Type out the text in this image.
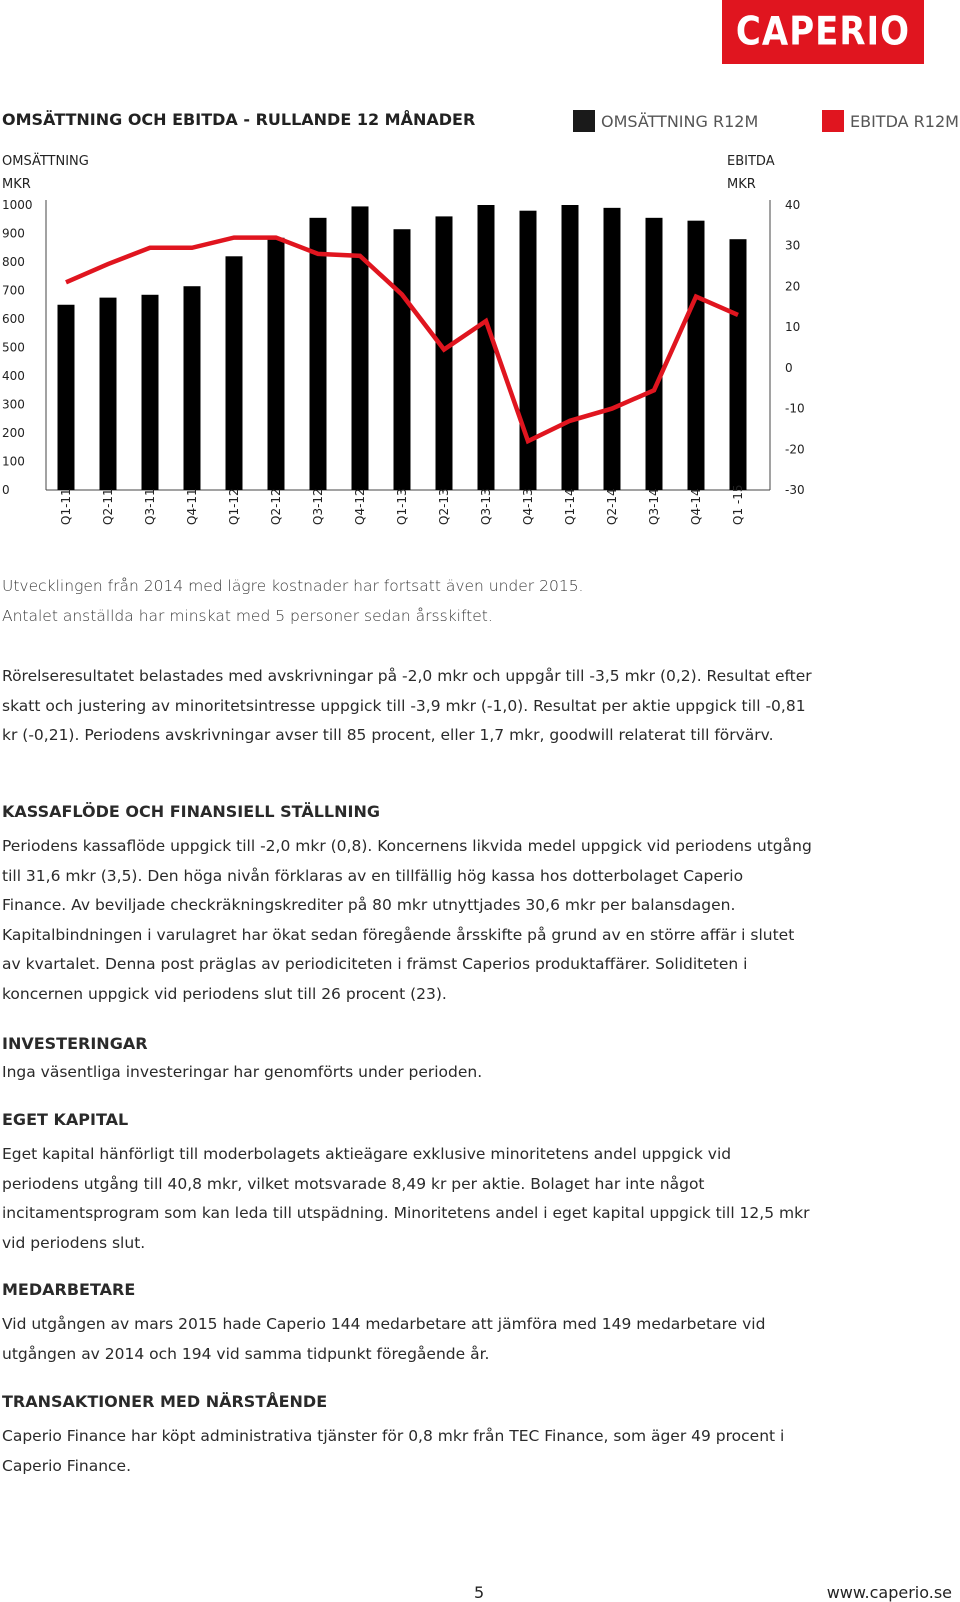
CAPERIO
OMSÄTTNING OCH EBITDA - RULLANDE 12 MÅNADER	OMSÄTTNING R12M	EBITDA R12M
OMSÄTTNING
MKR
EBITDA
MKR
0
100
200
300
400
500
600
700
800
900
1000
-30
-20
-10
0
10
20
30
40
Q1-11 Q2-11 Q3-11 Q4-11 Q1-12 Q2-12 Q3-12 Q4-12 Q1-13 Q2-13 Q3-13 Q4-13 Q1-14 Q2-14 Q3-14 Q4-14 Q1 -15
Utvecklingen från 2014 med lägre kostnader har fortsatt även under 2015.
Antalet anställda har minskat med 5 personer sedan årsskiftet.

Rörelseresultatet belastades med avskrivningar på -2,0 mkr och uppgår till -3,5 mkr (0,2). Resultat efter skatt och justering av minoritetsintresse uppgick till -3,9 mkr (-1,0). Resultat per aktie uppgick till -0,81 kr (-0,21). Periodens avskrivningar avser till 85 procent, eller 1,7 mkr, goodwill relaterat till förvärv.

KASSAFLÖDE OCH FINANSIELL STÄLLNING

Periodens kassaflöde uppgick till -2,0 mkr (0,8). Koncernens likvida medel uppgick vid periodens utgång till 31,6 mkr (3,5). Den höga nivån förklaras av en tillfällig hög kassa hos dotterbolaget Caperio Finance. Av beviljade checkräkningskrediter på 80 mkr utnyttjades 30,6 mkr per balansdagen. Kapitalbindningen i varulagret har ökat sedan föregående årsskifte på grund av en större affär i slutet av kvartalet. Denna post präglas av periodiciteten i främst Caperios produktaffärer. Soliditeten i koncernen uppgick vid periodens slut till 26 procent (23).

INVESTERINGAR

Inga väsentliga investeringar har genomförts under perioden.

EGET KAPITAL

Eget kapital hänförligt till moderbolagets aktieägare exklusive minoritetens andel uppgick vid periodens utgång till 40,8 mkr, vilket motsvarade 8,49 kr per aktie. Bolaget har inte något incitamentsprogram som kan leda till utspädning. Minoritetens andel i eget kapital uppgick till 12,5 mkr vid periodens slut.

MEDARBETARE

Vid utgången av mars 2015 hade Caperio 144 medarbetare att jämföra med 149 medarbetare vid utgången av 2014 och 194 vid samma tidpunkt föregående år.

TRANSAKTIONER MED NÄRSTÅENDE

Caperio Finance har köpt administrativa tjänster för 0,8 mkr från TEC Finance, som äger 49 procent i Caperio Finance.

5	www.caperio.se
